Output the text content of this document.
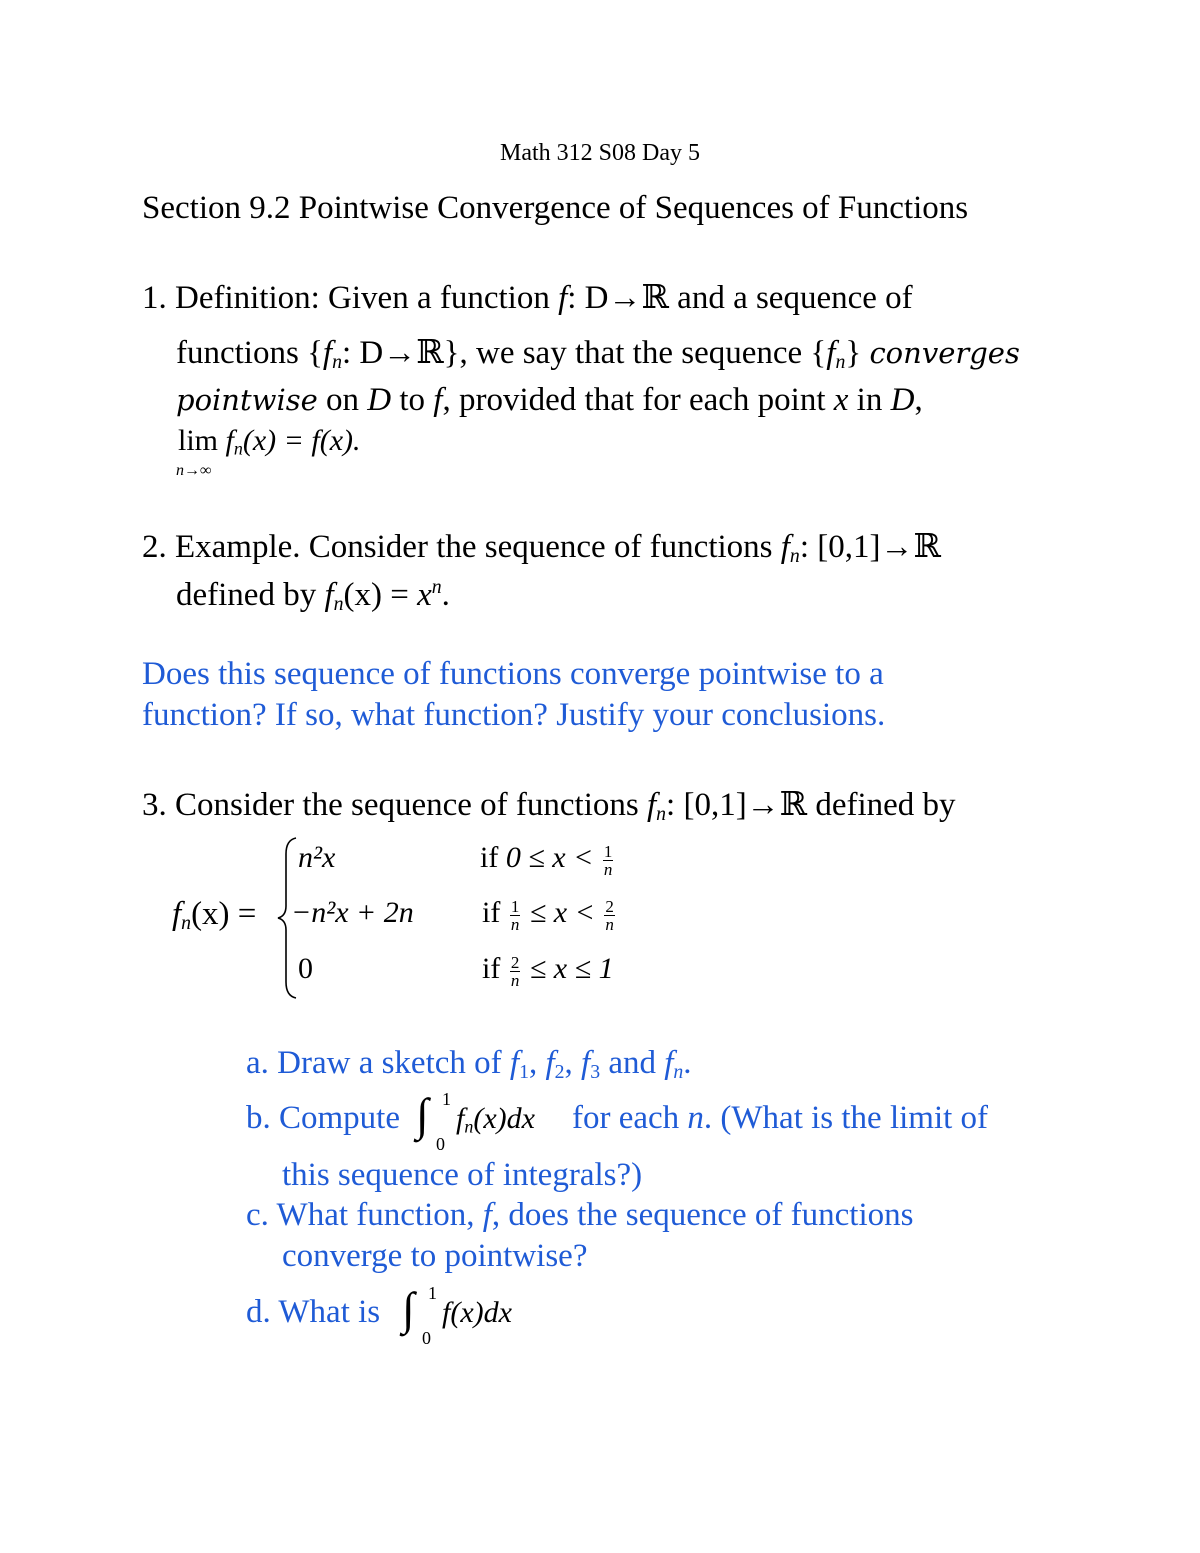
Math 312 S08 Day 5
Section 9.2 Pointwise Convergence of Sequences of Functions
1. Definition: Given a function f: D→ℝ and a sequence of
functions {$f_n$: D→ℝ}, we say that the sequence $\{f_n\}$ converges
pointwise on D to f, provided that for each point x in D,
$\lim f_n(x) = f(x)$.
n→∞
2. Example. Consider the sequence of functions $f_n$: [0,1]→ℝ
defined by $f_n(x) = x^n$.
Does this sequence of functions converge pointwise to a
function? If so, what function? Justify your conclusions.
3. Consider the sequence of functions $f_n$: [0,1]→ℝ defined by
$f_n(x)$ =
n²x
−n²x + 2n
0
if $0 \le x < \frac{1}{n}$
if $\frac{1}{n} \le x < \frac{2}{n}$
if $\frac{2}{n} \le x \le 1$
a. Draw a sketch of $f_1$, $f_2$, $f_3$ and $f_n$.
b. Compute ∫ 1
0
$f_n(x)dx$ for each n. (What is the limit of
this sequence of integrals?)
c. What function, f, does the sequence of functions
converge to pointwise?
d. What is ∫ 1
0
f(x)dx
